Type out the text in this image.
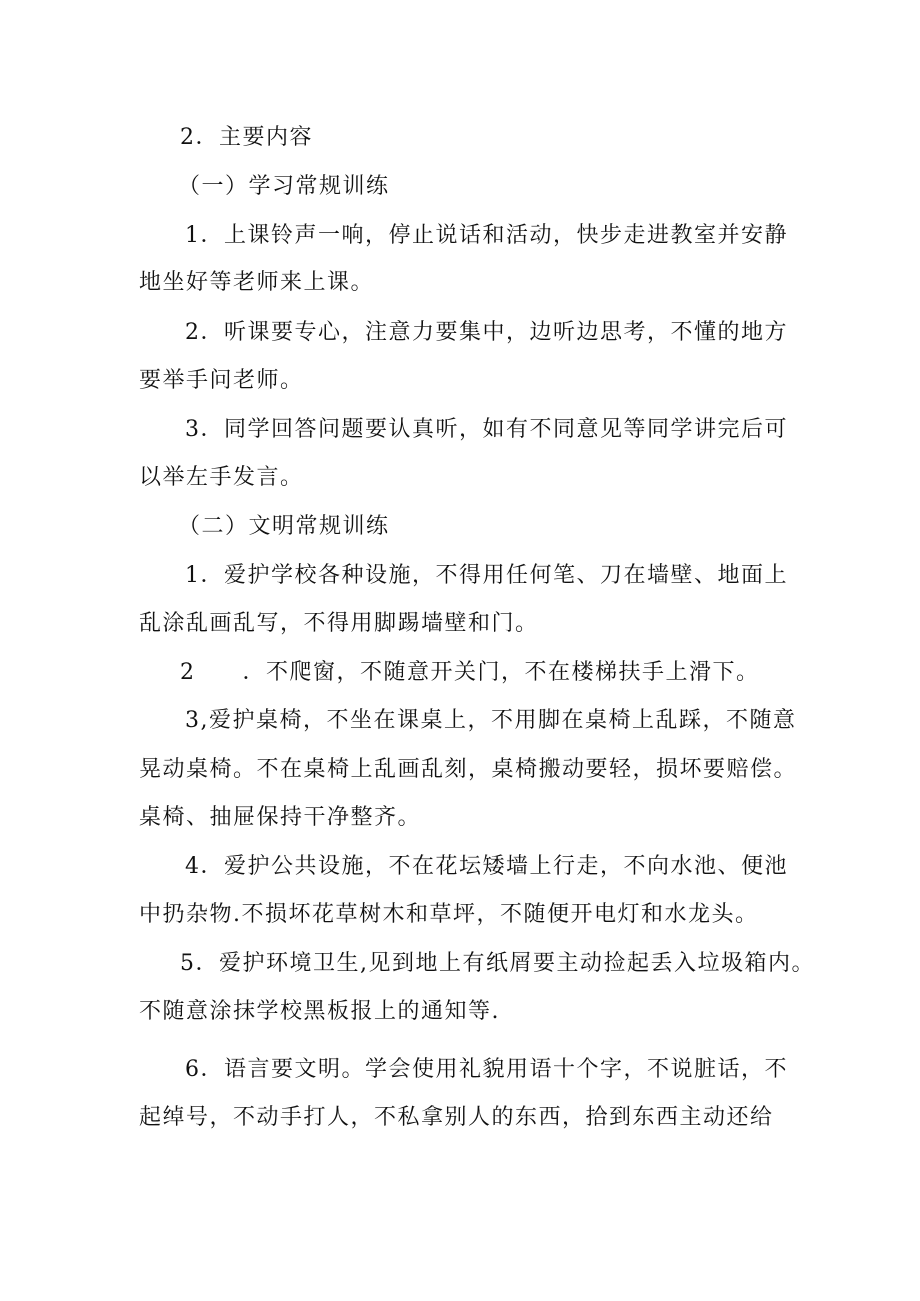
2．主要内容
（一）学习常规训练
1．上课铃声一响，停止说话和活动，快步走进教室并安静
地坐好等老师来上课。
2．听课要专心，注意力要集中，边听边思考，不懂的地方
要举手问老师。
3．同学回答问题要认真听，如有不同意见等同学讲完后可
以举左手发言。
（二）文明常规训练
1．爱护学校各种设施，不得用任何笔、刀在墙壁、地面上
乱涂乱画乱写，不得用脚踢墙壁和门。
2　　．不爬窗，不随意开关门，不在楼梯扶手上滑下。
3,爱护桌椅，不坐在课桌上，不用脚在桌椅上乱踩，不随意
晃动桌椅。不在桌椅上乱画乱刻，桌椅搬动要轻，损坏要赔偿。
桌椅、抽屉保持干净整齐。
4．爱护公共设施，不在花坛矮墙上行走，不向水池、便池
中扔杂物.不损坏花草树木和草坪，不随便开电灯和水龙头。
5．爱护环境卫生,见到地上有纸屑要主动捡起丢入垃圾箱内。
不随意涂抹学校黑板报上的通知等.
6．语言要文明。学会使用礼貌用语十个字，不说脏话，不
起绰号，不动手打人，不私拿别人的东西，拾到东西主动还给
